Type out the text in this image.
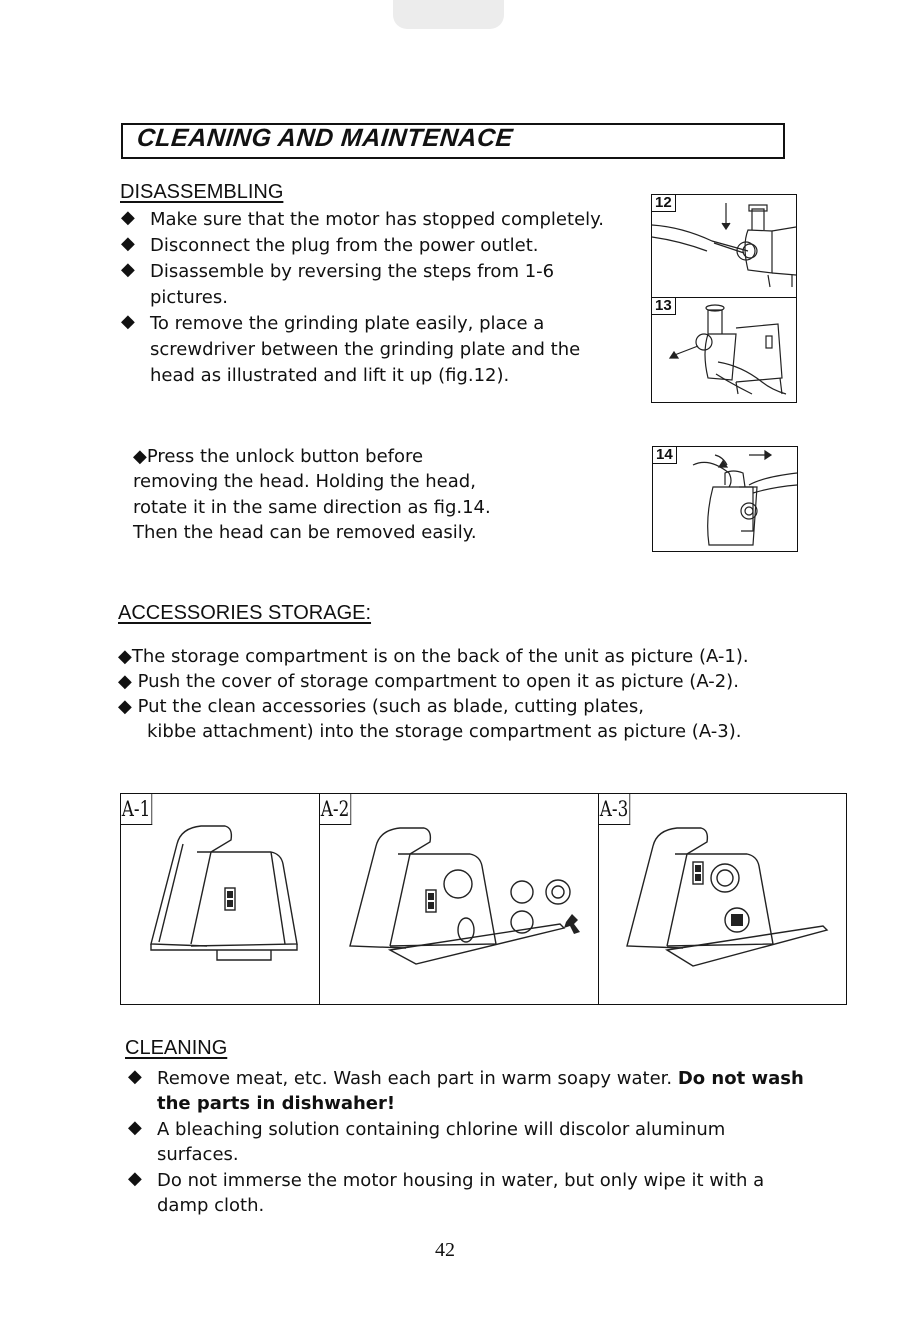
CLEANING AND MAINTENACE
DISASSEMBLING
◆ Make sure that the motor has stopped completely.
◆ Disconnect the plug from the power outlet.
◆ Disassemble by reversing the steps from 1-6
pictures.
◆ To remove the grinding plate easily, place a
screwdriver between the grinding plate and the
head as illustrated and lift it up (fig.12).
12
13
◆Press the unlock button before
removing the head. Holding the head,
rotate it in the same direction as fig.14.
Then the head can be removed easily.
14
ACCESSORIES STORAGE:
◆The storage compartment is on the back of the unit as picture (A-1).
◆ Push the cover of storage compartment to open it as picture (A-2).
◆ Put the clean accessories (such as blade, cutting plates,
kibbe attachment) into the storage compartment as picture (A-3).
A-1	A-2	A-3
CLEANING
◆ Remove meat, etc. Wash each part in warm soapy water. Do not wash
the parts in dishwaher!
◆ A bleaching solution containing chlorine will discolor aluminum
surfaces.
◆ Do not immerse the motor housing in water, but only wipe it with a
damp cloth.
42
